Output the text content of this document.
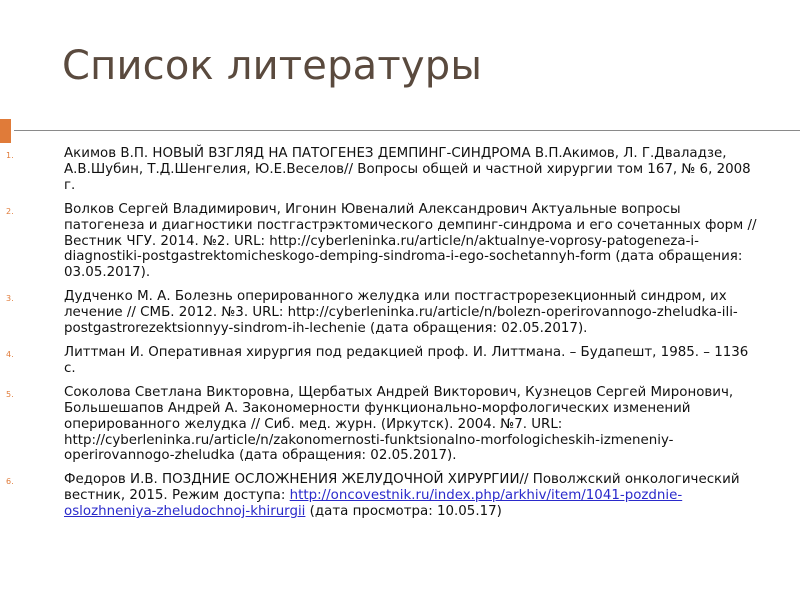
Список литературы
1.	Акимов В.П. НОВЫЙ ВЗГЛЯД НА ПАТОГЕНЕЗ ДЕМПИНГ-СИНДРОМА В.П.Акимов, Л. Г.Дваладзе, А.В.Шубин, Т.Д.Шенгелия, Ю.Е.Веселов// Вопросы общей и частной хирургии том 167, № 6, 2008 г.
2.	Волков Сергей Владимирович, Игонин Ювеналий Александрович Актуальные вопросы патогенеза и диагностики постгастрэктомического демпинг-синдрома и его сочетанных форм // Вестник ЧГУ. 2014. №2. URL: http://cyberleninka.ru/article/n/aktualnye-voprosy-patogeneza-i-diagnostiki-postgastrektomicheskogo-demping-sindroma-i-ego-sochetannyh-form (дата обращения: 03.05.2017).
3.	Дудченко М. А. Болезнь оперированного желудка или постгастрорезекционный синдром, их лечение // СМБ. 2012. №3. URL: http://cyberleninka.ru/article/n/bolezn-operirovannogo-zheludka-ili-postgastrorezektsionnyy-sindrom-ih-lechenie (дата обращения: 02.05.2017).
4.	Литтман И. Оперативная хирургия под редакцией проф. И. Литтмана. – Будапешт, 1985. – 1136 с.
5.	Соколова Светлана Викторовна, Щербатых Андрей Викторович, Кузнецов Сергей Миронович, Большешапов Андрей А. Закономерности функционально-морфологических изменений оперированного желудка // Сиб. мед. журн. (Иркутск). 2004. №7. URL: http://cyberleninka.ru/article/n/zakonomernosti-funktsionalno-morfologicheskih-izmeneniy-operirovannogo-zheludka (дата обращения: 02.05.2017).
6.	Федоров И.В. ПОЗДНИЕ ОСЛОЖНЕНИЯ ЖЕЛУДОЧНОЙ ХИРУРГИИ// Поволжский онкологический вестник, 2015. Режим доступа: http://oncovestnik.ru/index.php/arkhiv/item/1041-pozdnie-oslozhneniya-zheludochnoj-khirurgii (дата просмотра: 10.05.17)
